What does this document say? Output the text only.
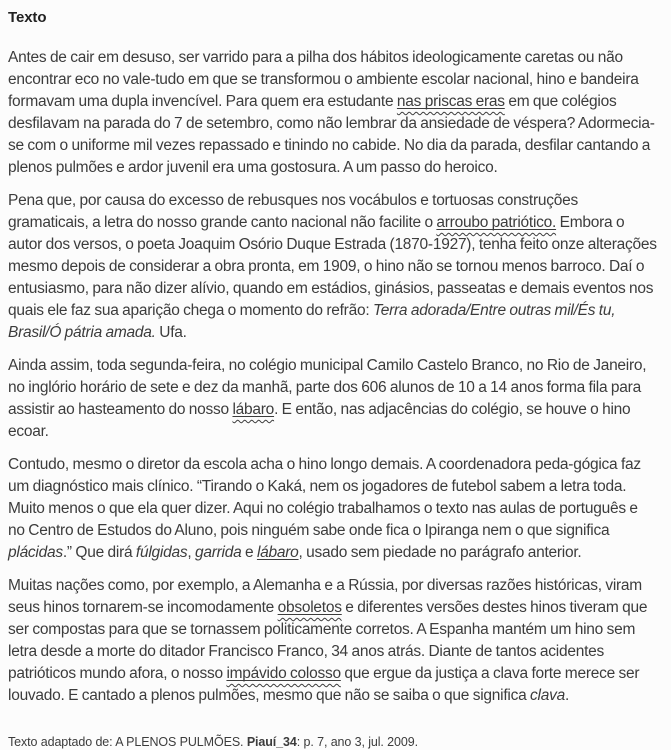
Texto

Antes de cair em desuso, ser varrido para a pilha dos hábitos ideologicamente caretas ou não encontrar eco no vale-tudo em que se transformou o ambiente escolar nacional, hino e bandeira formavam uma dupla invencível. Para quem era estudante nas priscas eras em que colégios desfilavam na parada do 7 de setembro, como não lembrar da ansiedade de véspera? Adormecia-se com o uniforme mil vezes repassado e tinindo no cabide. No dia da parada, desfilar cantando a plenos pulmões e ardor juvenil era uma gostosura. A um passo do heroico.

Pena que, por causa do excesso de rebusques nos vocábulos e tortuosas construções gramaticais, a letra do nosso grande canto nacional não facilite o arroubo patriótico. Embora o autor dos versos, o poeta Joaquim Osório Duque Estrada (1870-1927), tenha feito onze alterações mesmo depois de considerar a obra pronta, em 1909, o hino não se tornou menos barroco. Daí o entusiasmo, para não dizer alívio, quando em estádios, ginásios, passeatas e demais eventos nos quais ele faz sua aparição chega o momento do refrão: Terra adorada/Entre outras mil/És tu, Brasil/Ó pátria amada. Ufa.

Ainda assim, toda segunda-feira, no colégio municipal Camilo Castelo Branco, no Rio de Janeiro, no inglório horário de sete e dez da manhã, parte dos 606 alunos de 10 a 14 anos forma fila para assistir ao hasteamento do nosso lábaro. E então, nas adjacências do colégio, se houve o hino ecoar.

Contudo, mesmo o diretor da escola acha o hino longo demais. A coordenadora peda-gógica faz um diagnóstico mais clínico. “Tirando o Kaká, nem os jogadores de futebol sabem a letra toda. Muito menos o que ela quer dizer. Aqui no colégio trabalhamos o texto nas aulas de português e no Centro de Estudos do Aluno, pois ninguém sabe onde fica o Ipiranga nem o que significa plácidas.” Que dirá fúlgidas, garrida e lábaro, usado sem piedade no parágrafo anterior.

Muitas nações como, por exemplo, a Alemanha e a Rússia, por diversas razões históricas, viram seus hinos tornarem-se incomodamente obsoletos e diferentes versões destes hinos tiveram que ser compostas para que se tornassem politicamente corretos. A Espanha mantém um hino sem letra desde a morte do ditador Francisco Franco, 34 anos atrás. Diante de tantos acidentes patrióticos mundo afora, o nosso impávido colosso que ergue da justiça a clava forte merece ser louvado. E cantado a plenos pulmões, mesmo que não se saiba o que significa clava.

Texto adaptado de: A PLENOS PULMÕES. Piauí_34: p. 7, ano 3, jul. 2009.
